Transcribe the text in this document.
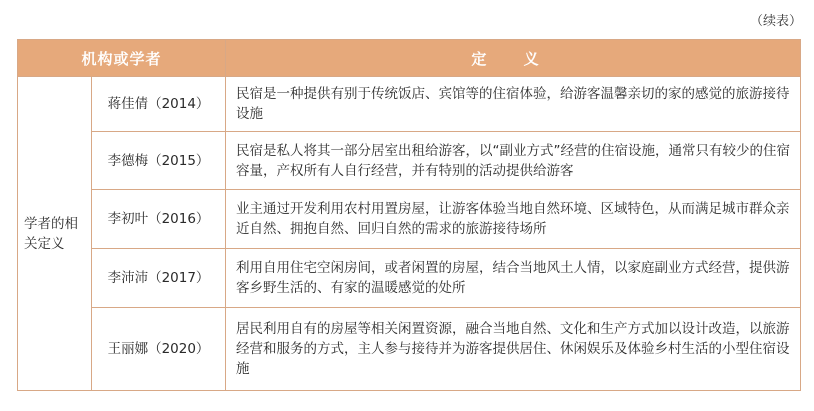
（续表）
机构或学者		定 义
学者的相关定义	蒋佳倩（2014）	民宿是一种提供有别于传统饭店、宾馆等的住宿体验，给游客温馨亲切的家的感觉的旅游接待设施
	李德梅（2015）	民宿是私人将其一部分居室出租给游客，以“副业方式”经营的住宿设施，通常只有较少的住宿容量，产权所有人自行经营，并有特别的活动提供给游客
	李初叶（2016）	业主通过开发利用农村用置房屋，让游客体验当地自然环境、区域特色，从而满足城市群众亲近自然、拥抱自然、回归自然的需求的旅游接待场所
	李沛沛（2017）	利用自用住宅空闲房间，或者闲置的房屋，结合当地风土人情，以家庭副业方式经营，提供游客乡野生活的、有家的温暖感觉的处所
	王丽娜（2020）	居民利用自有的房屋等相关闲置资源，融合当地自然、文化和生产方式加以设计改造，以旅游经营和服务的方式，主人参与接待并为游客提供居住、休闲娱乐及体验乡村生活的小型住宿设施
